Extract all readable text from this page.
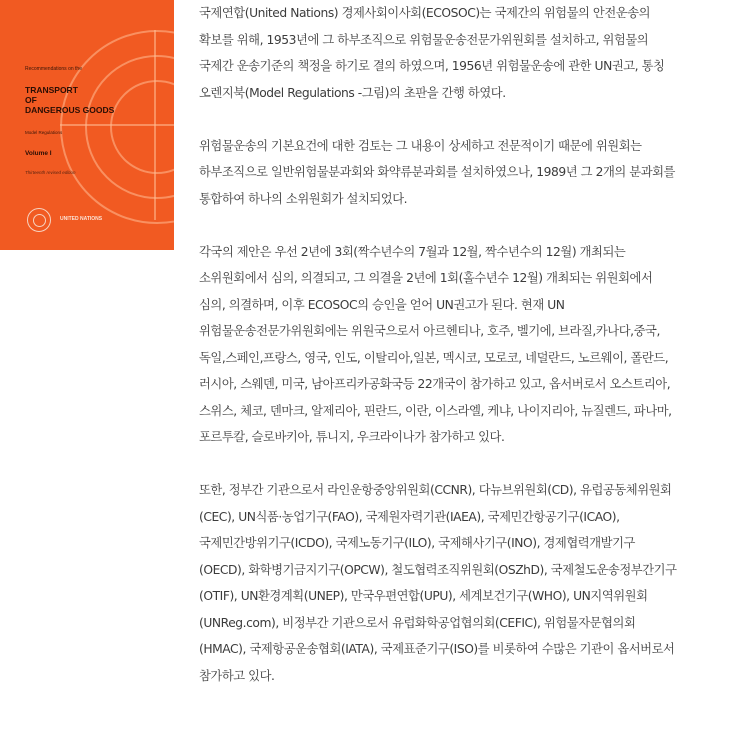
Recommendations on the
TRANSPORT
OF
DANGEROUS GOODS
Model Regulations
Volume I
Thirteenth revised edition
UNITED NATIONS
국제연합(United Nations) 경제사회이사회(ECOSOC)는 국제간의 위험물의 안전운송의
확보를 위해, 1953년에 그 하부조직으로 위험물운송전문가위원회를 설치하고, 위험물의
국제간 운송기준의 책정을 하기로 결의 하였으며, 1956년 위험물운송에 관한 UN권고, 통칭
오렌지북(Model Regulations -그림)의 초판을 간행 하였다.
위험물운송의 기본요건에 대한 검토는 그 내용이 상세하고 전문적이기 때문에 위원회는
하부조직으로 일반위험물분과회와 화약류분과회를 설치하였으나, 1989년 그 2개의 분과회를
통합하여 하나의 소위원회가 설치되었다.
각국의 제안은 우선 2년에 3회(짝수년수의 7월과 12월, 짝수년수의 12월) 개최되는
소위원회에서 심의, 의결되고, 그 의결을 2년에 1회(홀수년수 12월) 개최되는 위원회에서
심의, 의결하며, 이후 ECOSOC의 승인을 얻어 UN권고가 된다. 현재 UN
위험물운송전문가위원회에는 위원국으로서 아르헨티나, 호주, 벨기에, 브라질,카나다,중국,
독일,스페인,프랑스, 영국, 인도, 이탈리아,일본, 멕시코, 모로코, 네덜란드, 노르웨이, 폴란드,
러시아, 스웨덴, 미국, 남아프리카공화국등 22개국이 참가하고 있고, 옵서버로서 오스트리아,
스위스, 체코, 덴마크, 알제리아, 핀란드, 이란, 이스라엘, 케냐, 나이지리아, 뉴질렌드, 파나마,
포르투칼, 슬로바키아, 튜니지, 우크라이나가 참가하고 있다.
또한, 정부간 기관으로서 라인운항중앙위원회(CCNR), 다뉴브위원회(CD), 유럽공동체위원회
(CEC), UN식품·농업기구(FAO), 국제원자력기관(IAEA), 국제민간항공기구(ICAO),
국제민간방위기구(ICDO), 국제노동기구(ILO), 국제해사기구(INO), 경제협력개발기구
(OECD), 화학병기금지기구(OPCW), 철도협력조직위원회(OSZhD), 국제철도운송정부간기구
(OTIF), UN환경계획(UNEP), 만국우편연합(UPU), 세계보건기구(WHO), UN지역위원회
(UNReg.com), 비정부간 기관으로서 유럽화학공업협의회(CEFIC), 위험물자문협의회
(HMAC), 국제항공운송협회(IATA), 국제표준기구(ISO)를 비롯하여 수많은 기관이 옵서버로서
참가하고 있다.
